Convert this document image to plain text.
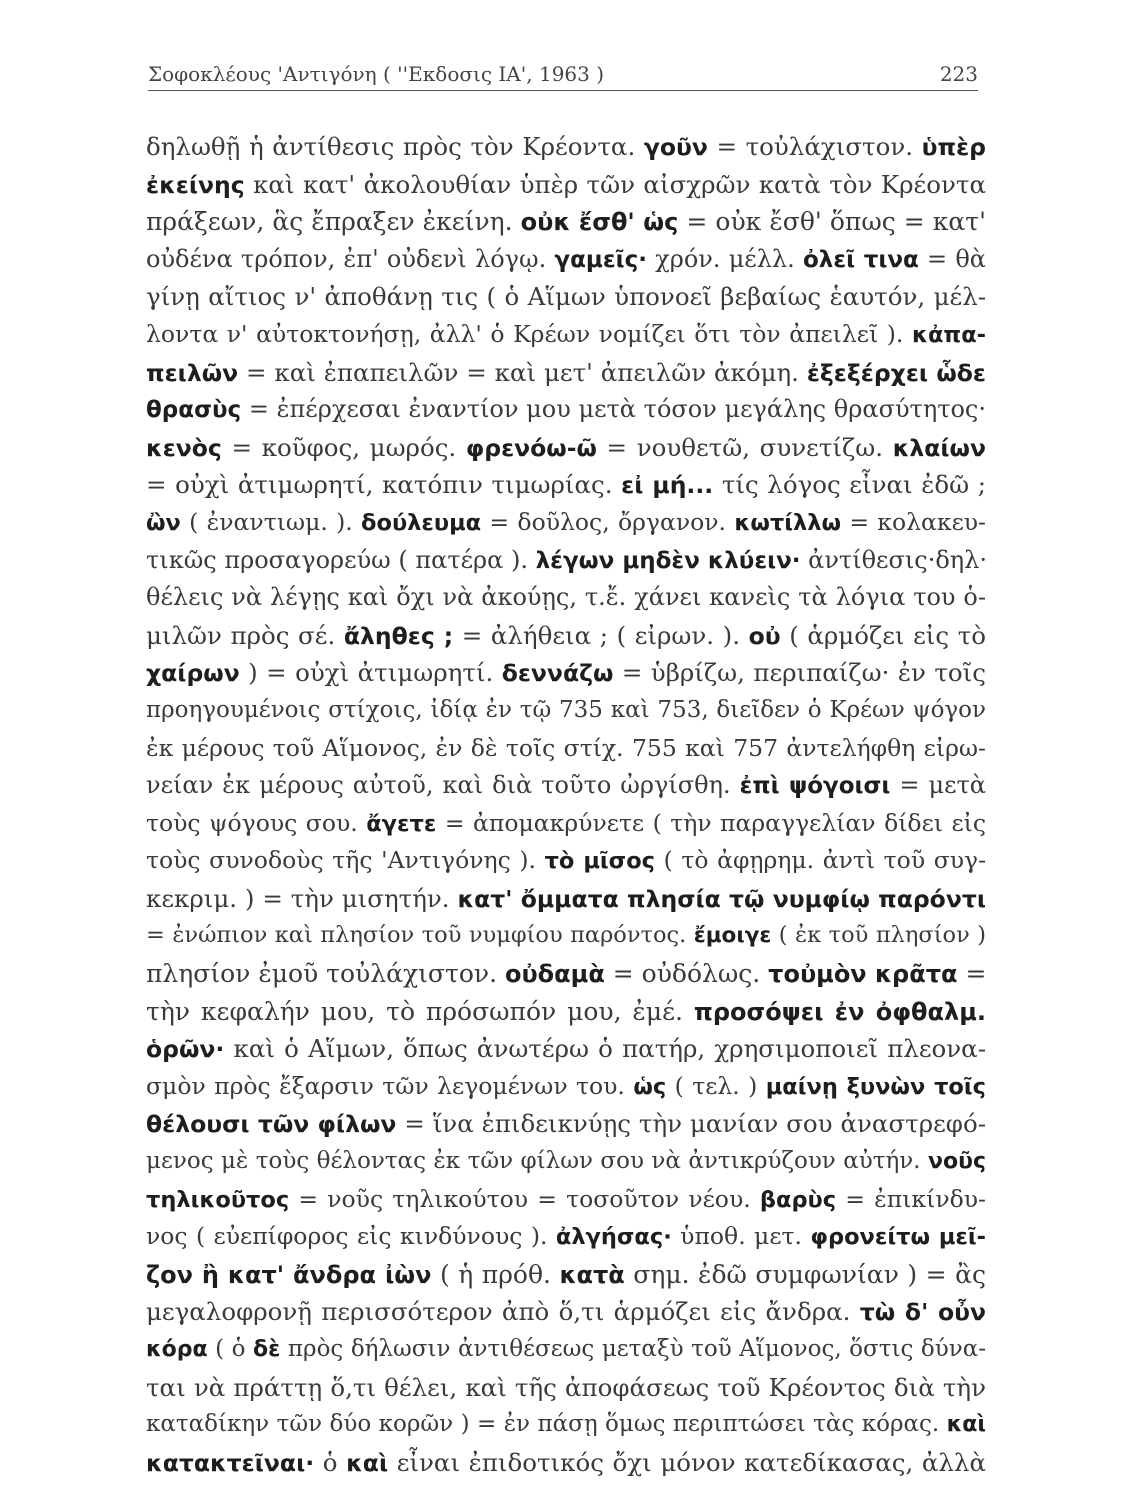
Σοφοκλέους 'Αντιγόνη ( ''Εκδοσις ΙΑ', 1963 )	223
δηλωθῇ ἡ ἀντίθεσις πρὸς τὸν Κρέοντα. γοῦν = τοὐλάχιστον. ὑπὲρ
ἐκείνης καὶ κατ' ἀκολουθίαν ὑπὲρ τῶν αἰσχρῶν κατὰ τὸν Κρέοντα
πράξεων, ἃς ἔπραξεν ἐκείνη. οὐκ ἔσθ' ὡς = οὐκ ἔσθ' ὅπως = κατ'
οὐδένα τρόπον, ἐπ' οὐδενὶ λόγῳ. γαμεῖς· χρόν. μέλλ. ὀλεῖ τινα = θὰ
γίνῃ αἴτιος ν' ἀποθάνῃ τις ( ὁ Αἵμων ὑπονοεῖ βεβαίως ἑαυτόν, μέλ-
λοντα ν' αὐτοκτονήσῃ, ἀλλ' ὁ Κρέων νομίζει ὅτι τὸν ἀπειλεῖ ). κἀπα-
πειλῶν = καὶ ἐπαπειλῶν = καὶ μετ' ἀπειλῶν ἀκόμη. ἐξεξέρχει ὧδε
θρασὺς = ἐπέρχεσαι ἐναντίον μου μετὰ τόσον μεγάλης θρασύτητος·
κενὸς = κοῦφος, μωρός. φρενόω-ῶ = νουθετῶ, συνετίζω. κλαίων
= οὐχὶ ἀτιμωρητί, κατόπιν τιμωρίας. εἰ μή... τίς λόγος εἶναι ἐδῶ ;
ὢν ( ἐναντιωμ. ). δούλευμα = δοῦλος, ὄργανον. κωτίλλω = κολακευ-
τικῶς προσαγορεύω ( πατέρα ). λέγων μηδὲν κλύειν· ἀντίθεσις·δηλ·
θέλεις νὰ λέγῃς καὶ ὄχι νὰ ἀκούῃς, τ.ἔ. χάνει κανεὶς τὰ λόγια του ὁ-
μιλῶν πρὸς σέ. ἄληθες ; = ἀλήθεια ; ( εἰρων. ). οὐ ( ἁρμόζει εἰς τὸ
χαίρων ) = οὐχὶ ἀτιμωρητί. δεννάζω = ὑβρίζω, περιπαίζω· ἐν τοῖς
προηγουμένοις στίχοις, ἰδίᾳ ἐν τῷ 735 καὶ 753, διεῖδεν ὁ Κρέων ψόγον
ἐκ μέρους τοῦ Αἵμονος, ἐν δὲ τοῖς στίχ. 755 καὶ 757 ἀντελήφθη εἰρω-
νείαν ἐκ μέρους αὐτοῦ, καὶ διὰ τοῦτο ὠργίσθη. ἐπὶ ψόγοισι = μετὰ
τοὺς ψόγους σου. ἄγετε = ἀπομακρύνετε ( τὴν παραγγελίαν δίδει εἰς
τοὺς συνοδοὺς τῆς 'Αντιγόνης ). τὸ μῖσος ( τὸ ἀφῃρημ. ἀντὶ τοῦ συγ-
κεκριμ. ) = τὴν μισητήν. κατ' ὄμματα πλησία τῷ νυμφίῳ παρόντι
= ἐνώπιον καὶ πλησίον τοῦ νυμφίου παρόντος. ἔμοιγε ( ἐκ τοῦ πλησίον )
πλησίον ἐμοῦ τοὐλάχιστον. οὐδαμὰ = οὐδόλως. τοὐμὸν κρᾶτα =
τὴν κεφαλήν μου, τὸ πρόσωπόν μου, ἐμέ. προσόψει ἐν ὀφθαλμ.
ὁρῶν· καὶ ὁ Αἵμων, ὅπως ἀνωτέρω ὁ πατήρ, χρησιμοποιεῖ πλεονα-
σμὸν πρὸς ἔξαρσιν τῶν λεγομένων του. ὡς ( τελ. ) μαίνῃ ξυνὼν τοῖς
θέλουσι τῶν φίλων = ἵνα ἐπιδεικνύῃς τὴν μανίαν σου ἀναστρεφό-
μενος μὲ τοὺς θέλοντας ἐκ τῶν φίλων σου νὰ ἀντικρύζουν αὐτήν. νοῦς
τηλικοῦτος = νοῦς τηλικούτου = τοσοῦτον νέου. βαρὺς = ἐπικίνδυ-
νος ( εὐεπίφορος εἰς κινδύνους ). ἀλγήσας· ὑποθ. μετ. φρονείτω μεῖ-
ζον ἢ κατ' ἄνδρα ἰὼν ( ἡ πρόθ. κατὰ σημ. ἐδῶ συμφωνίαν ) = ἂς
μεγαλοφρονῇ περισσότερον ἀπὸ ὅ,τι ἁρμόζει εἰς ἄνδρα. τὼ δ' οὖν
κόρα ( ὁ δὲ πρὸς δήλωσιν ἀντιθέσεως μεταξὺ τοῦ Αἵμονος, ὅστις δύνα-
ται νὰ πράττῃ ὅ,τι θέλει, καὶ τῆς ἀποφάσεως τοῦ Κρέοντος διὰ τὴν
καταδίκην τῶν δύο κορῶν ) = ἐν πάσῃ ὅμως περιπτώσει τὰς κόρας. καὶ
κατακτεῖναι· ὁ καὶ εἶναι ἐπιδοτικός ὄχι μόνον κατεδίκασας, ἀλλὰ
